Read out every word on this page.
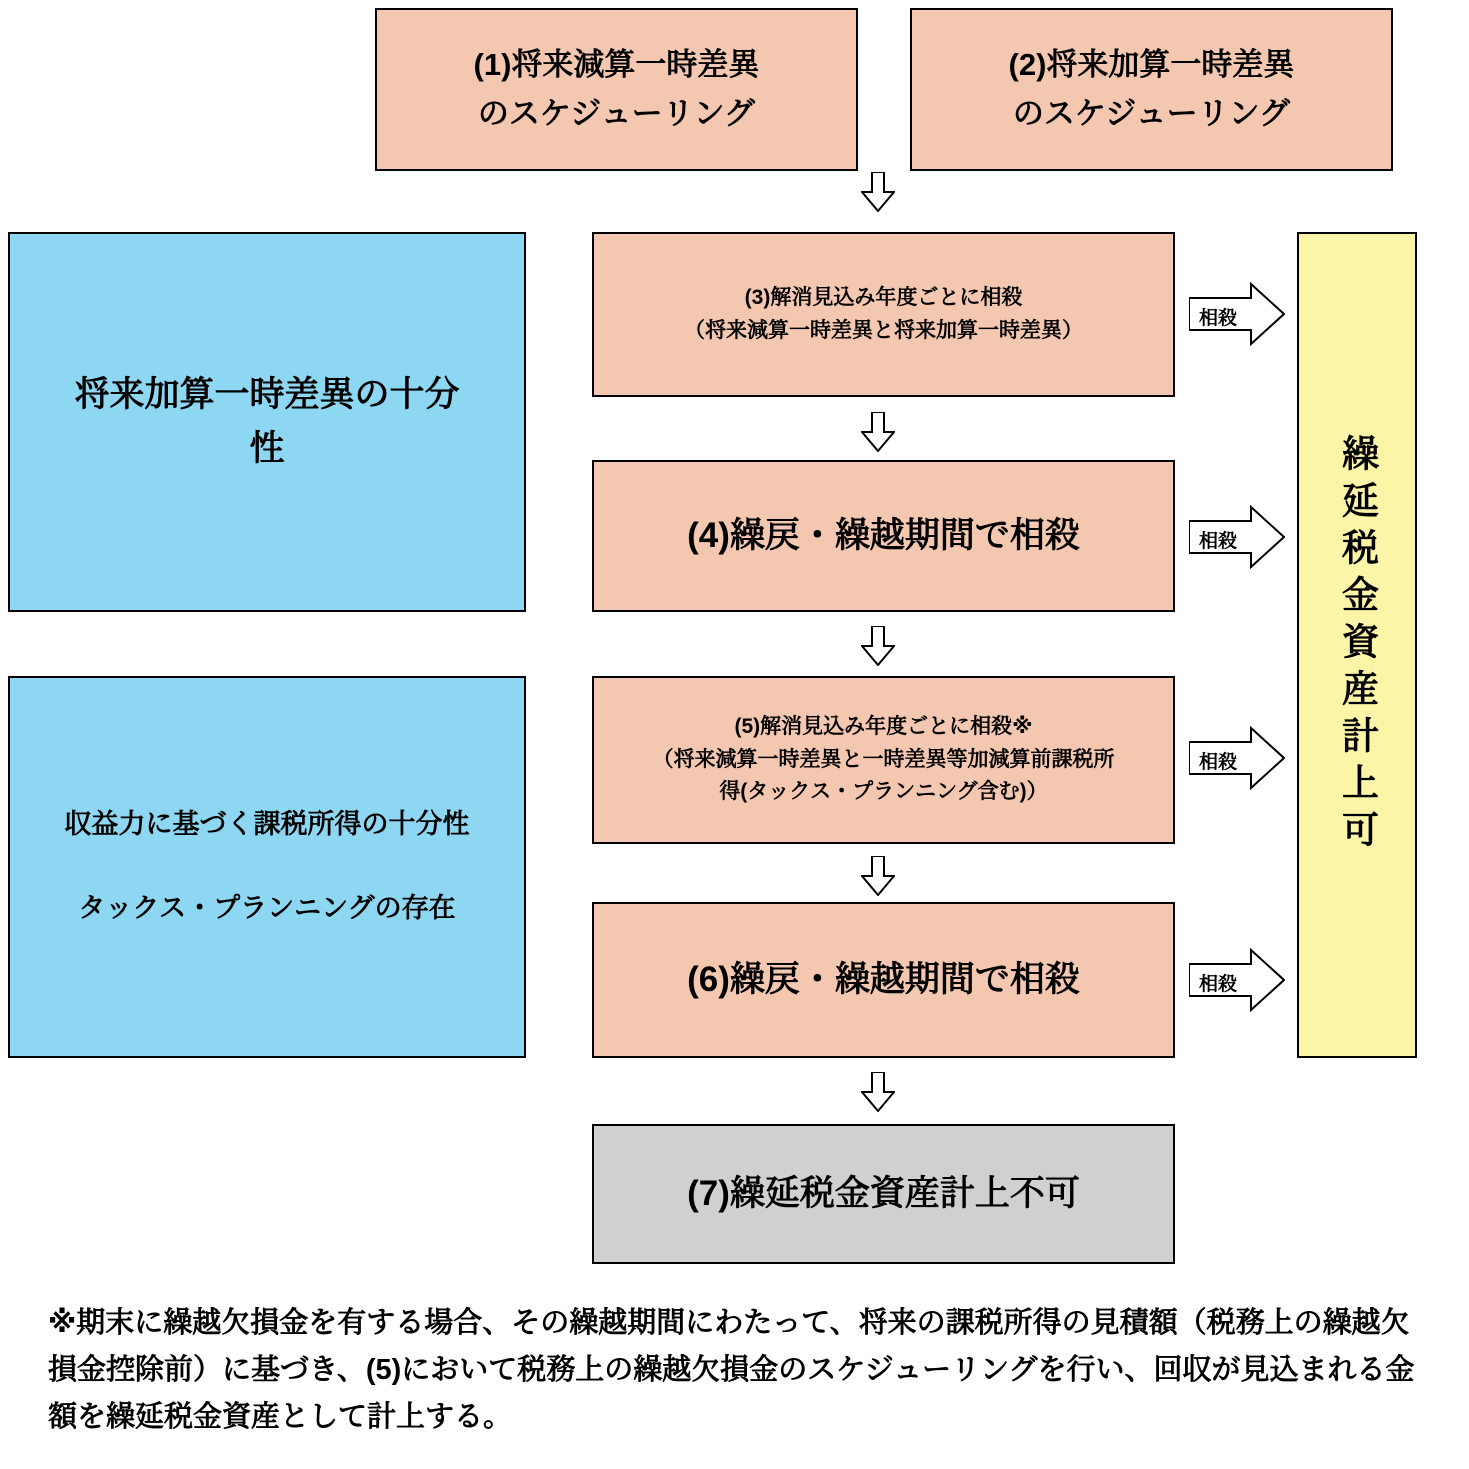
(1)将来減算一時差異
のスケジューリング
(2)将来加算一時差異
のスケジューリング
将来加算一時差異の十分
性
収益力に基づく課税所得の十分性
タックス・プランニングの存在
(3)解消見込み年度ごとに相殺
（将来減算一時差異と将来加算一時差異）
(4)繰戻・繰越期間で相殺
(5)解消見込み年度ごとに相殺※
（将来減算一時差異と一時差異等加減算前課税所
得(タックス・プランニング含む)）
(6)繰戻・繰越期間で相殺
(7)繰延税金資産計上不可
繰延税金資産計上可
相殺
相殺
相殺
相殺
※期末に繰越欠損金を有する場合、その繰越期間にわたって、将来の課税所得の見積額（税務上の繰越欠損金控除前）に基づき、(5)において税務上の繰越欠損金のスケジューリングを行い、回収が見込まれる金額を繰延税金資産として計上する。
